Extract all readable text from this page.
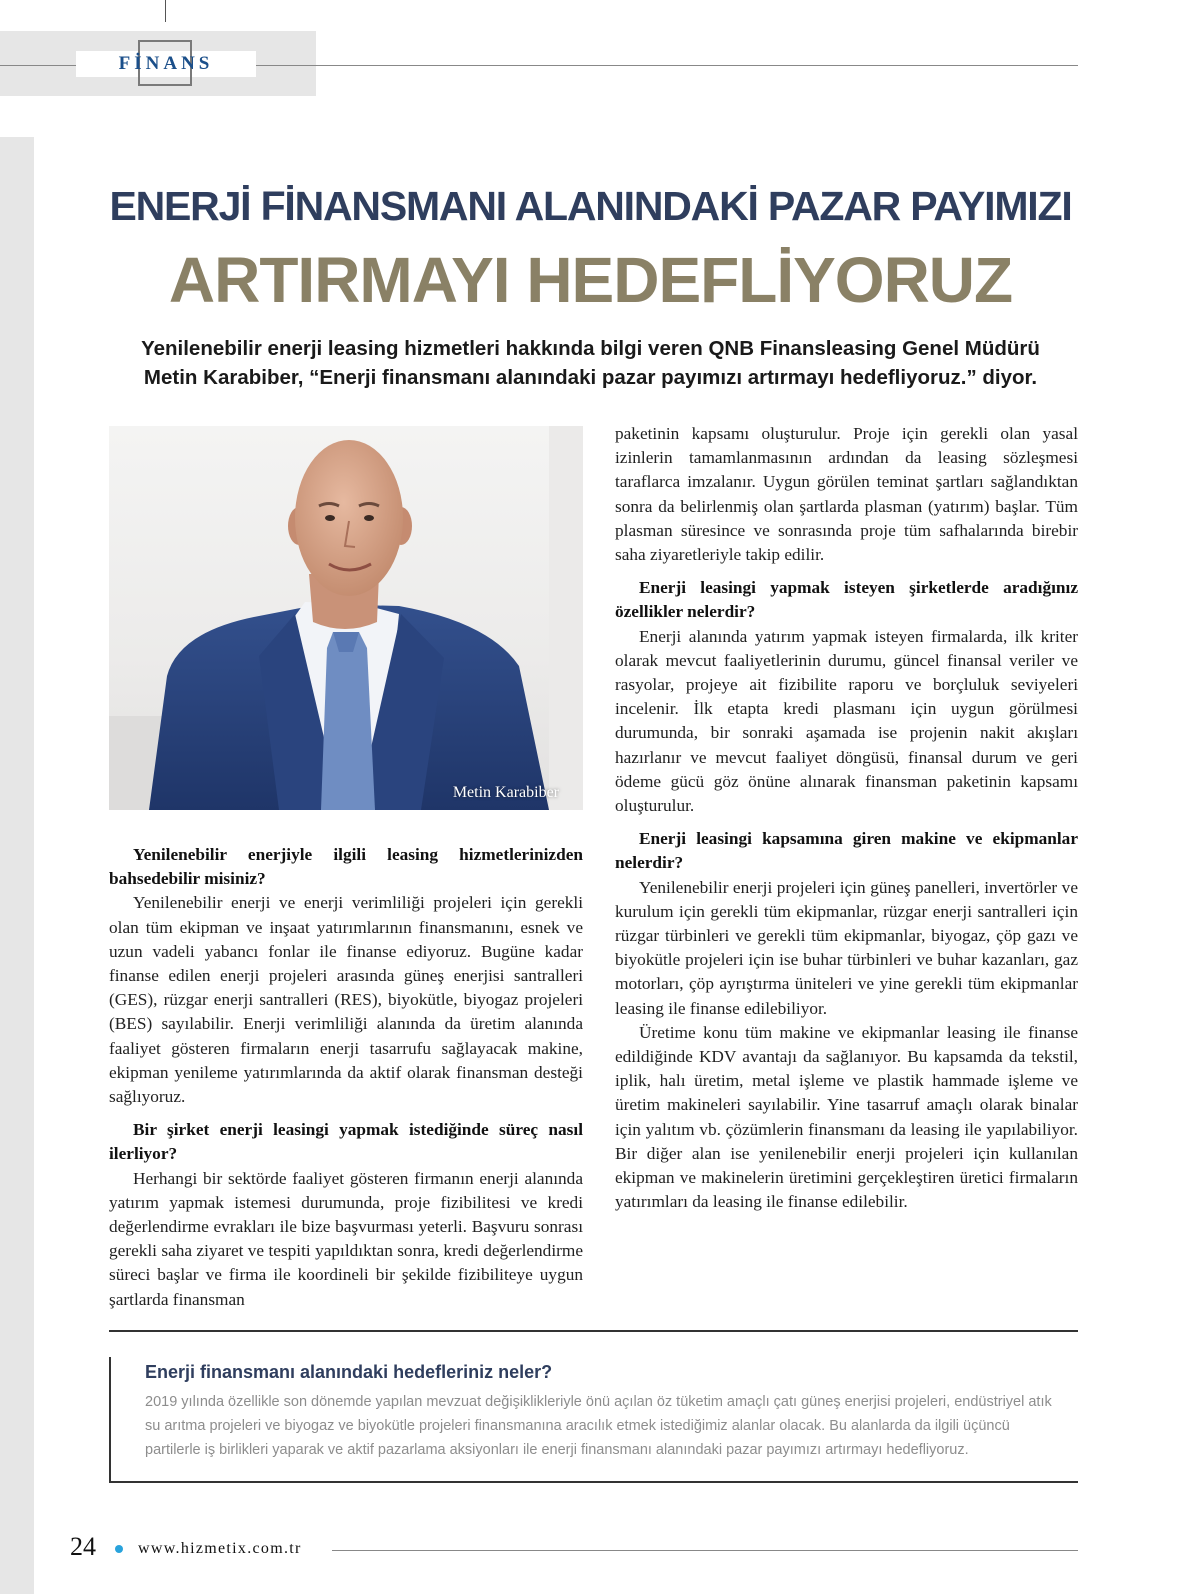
FİNANS
ENERJİ FİNANSMANI ALANINDAKİ PAZAR PAYIMIZI
ARTIRMAYI HEDEFLİYORUZ
Yenilenebilir enerji leasing hizmetleri hakkında bilgi veren QNB Finansleasing Genel Müdürü
Metin Karabiber, “Enerji finansmanı alanındaki pazar payımızı artırmayı hedefliyoruz.” diyor.
Metin Karabiber

Yenilenebilir enerjiyle ilgili leasing hizmetlerinizden bahsedebilir misiniz?

Yenilenebilir enerji ve enerji verimliliği projeleri için gerekli olan tüm ekipman ve inşaat yatırımlarının finansmanını, esnek ve uzun vadeli yabancı fonlar ile finanse ediyoruz. Bugüne kadar finanse edilen enerji projeleri arasında güneş enerjisi santralleri (GES), rüzgar enerji santralleri (RES), biyokütle, biyogaz projeleri (BES) sayılabilir. Enerji verimliliği alanında da üretim alanında faaliyet gösteren firmaların enerji tasarrufu sağlayacak makine, ekipman yenileme yatırımlarında da aktif olarak finansman desteği sağlıyoruz.

Bir şirket enerji leasingi yapmak istediğinde süreç nasıl ilerliyor?

Herhangi bir sektörde faaliyet gösteren firmanın enerji alanında yatırım yapmak istemesi durumunda, proje fizibilitesi ve kredi değerlendirme evrakları ile bize başvurması yeterli. Başvuru sonrası gerekli saha ziyaret ve tespiti yapıldıktan sonra, kredi değerlendirme süreci başlar ve firma ile koordineli bir şekilde fizibiliteye uygun şartlarda finansman

paketinin kapsamı oluşturulur. Proje için gerekli olan yasal izinlerin tamamlanmasının ardından da leasing sözleşmesi taraflarca imzalanır. Uygun görülen teminat şartları sağlandıktan sonra da belirlenmiş olan şartlarda plasman (yatırım) başlar. Tüm plasman süresince ve sonrasında proje tüm safhalarında birebir saha ziyaretleriyle takip edilir.

Enerji leasingi yapmak isteyen şirketlerde aradığınız özellikler nelerdir?

Enerji alanında yatırım yapmak isteyen firmalarda, ilk kriter olarak mevcut faaliyetlerinin durumu, güncel finansal veriler ve rasyolar, projeye ait fizibilite raporu ve borçluluk seviyeleri incelenir. İlk etapta kredi plasmanı için uygun görülmesi durumunda, bir sonraki aşamada ise projenin nakit akışları hazırlanır ve mevcut faaliyet döngüsü, finansal durum ve geri ödeme gücü göz önüne alınarak finansman paketinin kapsamı oluşturulur.

Enerji leasingi kapsamına giren makine ve ekipmanlar nelerdir?

Yenilenebilir enerji projeleri için güneş panelleri, invertörler ve kurulum için gerekli tüm ekipmanlar, rüzgar enerji santralleri için rüzgar türbinleri ve gerekli tüm ekipmanlar, biyogaz, çöp gazı ve biyokütle projeleri için ise buhar türbinleri ve buhar kazanları, gaz motorları, çöp ayrıştırma üniteleri ve yine gerekli tüm ekipmanlar leasing ile finanse edilebiliyor.

Üretime konu tüm makine ve ekipmanlar leasing ile finanse edildiğinde KDV avantajı da sağlanıyor. Bu kapsamda da tekstil, iplik, halı üretim, metal işleme ve plastik hammade işleme ve üretim makineleri sayılabilir. Yine tasarruf amaçlı olarak binalar için yalıtım vb. çözümlerin finansmanı da leasing ile yapılabiliyor. Bir diğer alan ise yenilenebilir enerji projeleri için kullanılan ekipman ve makinelerin üretimini gerçekleştiren üretici firmaların yatırımları da leasing ile finanse edilebilir.

Enerji finansmanı alanındaki hedefleriniz neler?
2019 yılında özellikle son dönemde yapılan mevzuat değişiklikleriyle önü açılan öz tüketim amaçlı çatı güneş enerjisi projeleri, endüstriyel atık su arıtma projeleri ve biyogaz ve biyokütle projeleri finansmanına aracılık etmek istediğimiz alanlar olacak. Bu alanlarda da ilgili üçüncü partilerle iş birlikleri yaparak ve aktif pazarlama aksiyonları ile enerji finansmanı alanındaki pazar payımızı artırmayı hedefliyoruz.
24	www.hizmetix.com.tr
